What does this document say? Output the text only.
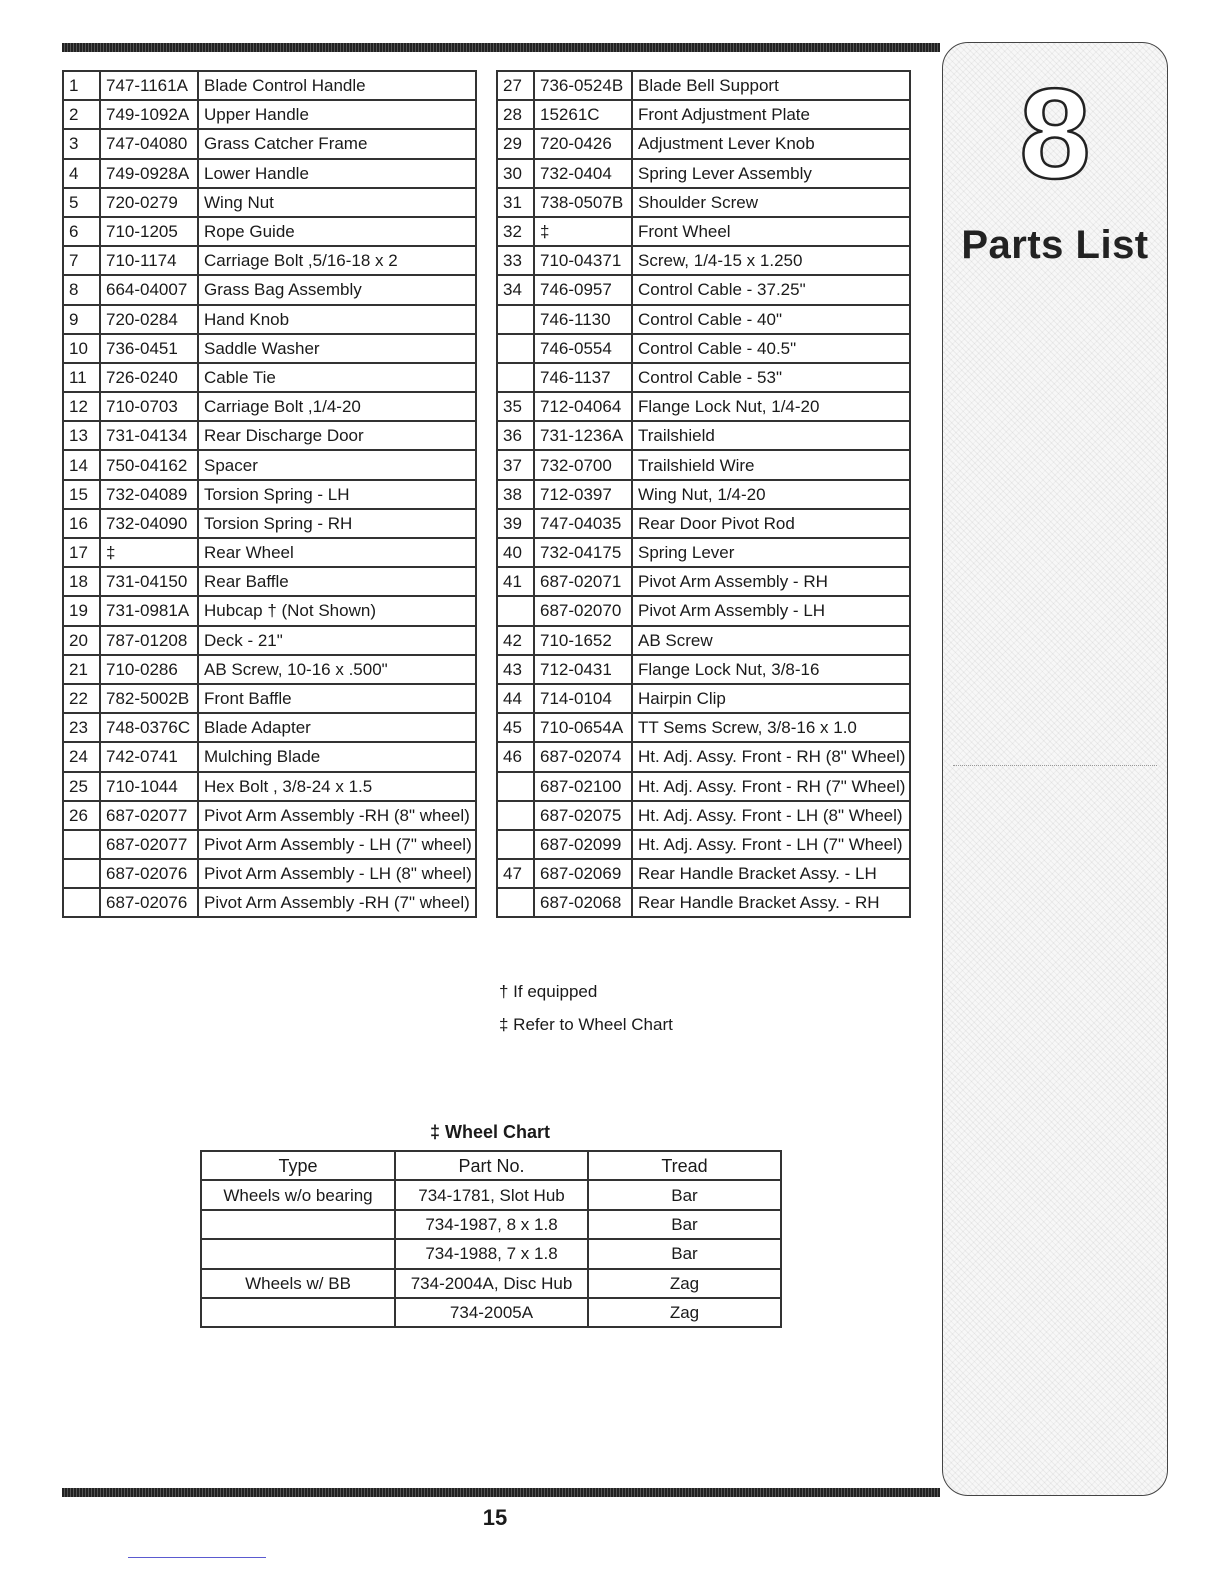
8
Parts List
1	747-1161A	Blade Control Handle
2	749-1092A	Upper Handle
3	747-04080	Grass Catcher Frame
4	749-0928A	Lower Handle
5	720-0279	Wing Nut
6	710-1205	Rope Guide
7	710-1174	Carriage Bolt ,5/16-18 x 2
8	664-04007	Grass Bag Assembly
9	720-0284	Hand Knob
10	736-0451	Saddle Washer
11	726-0240	Cable Tie
12	710-0703	Carriage Bolt ,1/4-20
13	731-04134	Rear Discharge Door
14	750-04162	Spacer
15	732-04089	Torsion Spring - LH
16	732-04090	Torsion Spring - RH
17	‡	Rear Wheel
18	731-04150	Rear Baffle
19	731-0981A	Hubcap † (Not Shown)
20	787-01208	Deck - 21"
21	710-0286	AB Screw, 10-16 x .500"
22	782-5002B	Front Baffle
23	748-0376C	Blade Adapter
24	742-0741	Mulching Blade
25	710-1044	Hex Bolt , 3/8-24 x 1.5
26	687-02077	Pivot Arm Assembly -RH (8" wheel)
	687-02077	Pivot Arm Assembly - LH (7" wheel)
	687-02076	Pivot Arm Assembly - LH (8" wheel)
	687-02076	Pivot Arm Assembly -RH (7" wheel)
27	736-0524B	Blade Bell Support
28	15261C	Front Adjustment Plate
29	720-0426	Adjustment Lever Knob
30	732-0404	Spring Lever Assembly
31	738-0507B	Shoulder Screw
32	‡	Front Wheel
33	710-04371	Screw, 1/4-15 x 1.250
34	746-0957	Control Cable - 37.25"
	746-1130	Control Cable - 40"
	746-0554	Control Cable - 40.5"
	746-1137	Control Cable - 53"
35	712-04064	Flange Lock Nut, 1/4-20
36	731-1236A	Trailshield
37	732-0700	Trailshield Wire
38	712-0397	Wing Nut, 1/4-20
39	747-04035	Rear Door Pivot Rod
40	732-04175	Spring Lever
41	687-02071	Pivot Arm Assembly - RH
	687-02070	Pivot Arm Assembly - LH
42	710-1652	AB Screw
43	712-0431	Flange Lock Nut, 3/8-16
44	714-0104	Hairpin Clip
45	710-0654A	TT Sems Screw, 3/8-16 x 1.0
46	687-02074	Ht. Adj. Assy. Front - RH (8" Wheel)
	687-02100	Ht. Adj. Assy. Front - RH (7" Wheel)
	687-02075	Ht. Adj. Assy. Front - LH (8" Wheel)
	687-02099	Ht. Adj. Assy. Front - LH (7" Wheel)
47	687-02069	Rear Handle Bracket Assy. - LH
	687-02068	Rear Handle Bracket Assy. - RH
† If equipped
‡ Refer to Wheel Chart
‡ Wheel Chart
Type	Part No.	Tread
Wheels w/o bearing	734-1781, Slot Hub	Bar
	734-1987, 8 x 1.8	Bar
	734-1988, 7 x 1.8	Bar
Wheels w/ BB	734-2004A, Disc Hub	Zag
	734-2005A	Zag
15
